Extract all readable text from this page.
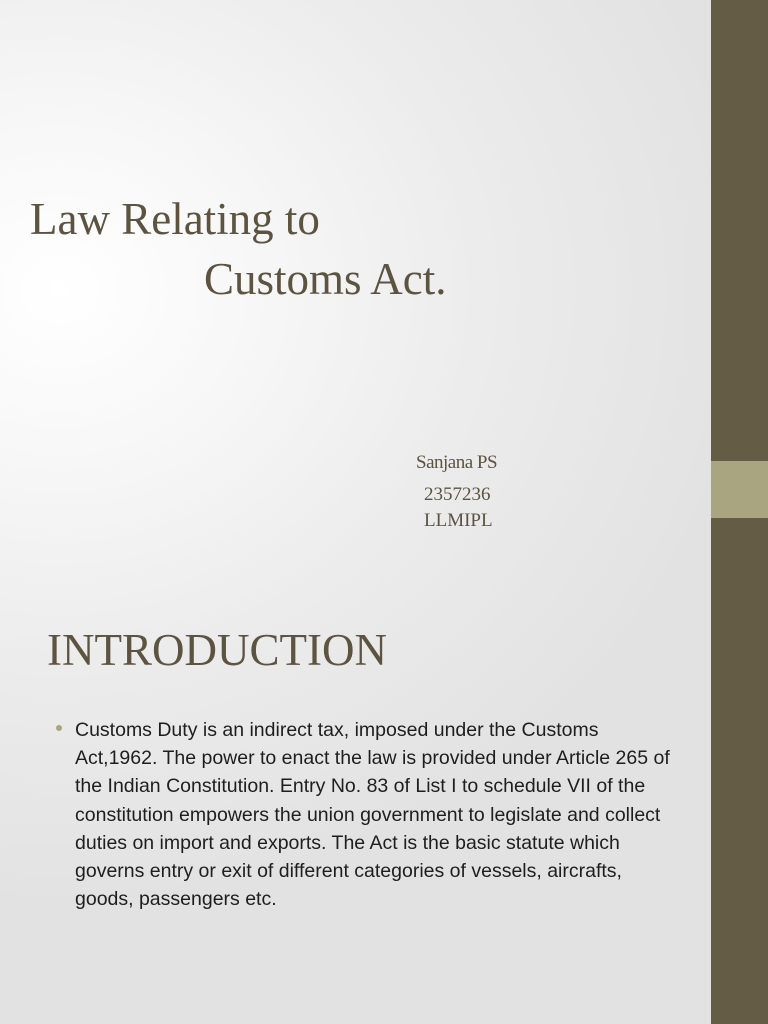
Law Relating to
Customs Act.
Sanjana PS
2357236
LLMIPL
INTRODUCTION
Customs Duty is an indirect tax, imposed under the Customs Act,1962. The power to enact the law is provided under Article 265 of the Indian Constitution. Entry No. 83 of List I to schedule VII of the constitution empowers the union government to legislate and collect duties on import and exports. The Act is the basic statute which governs entry or exit of different categories of vessels, aircrafts, goods, passengers etc.
